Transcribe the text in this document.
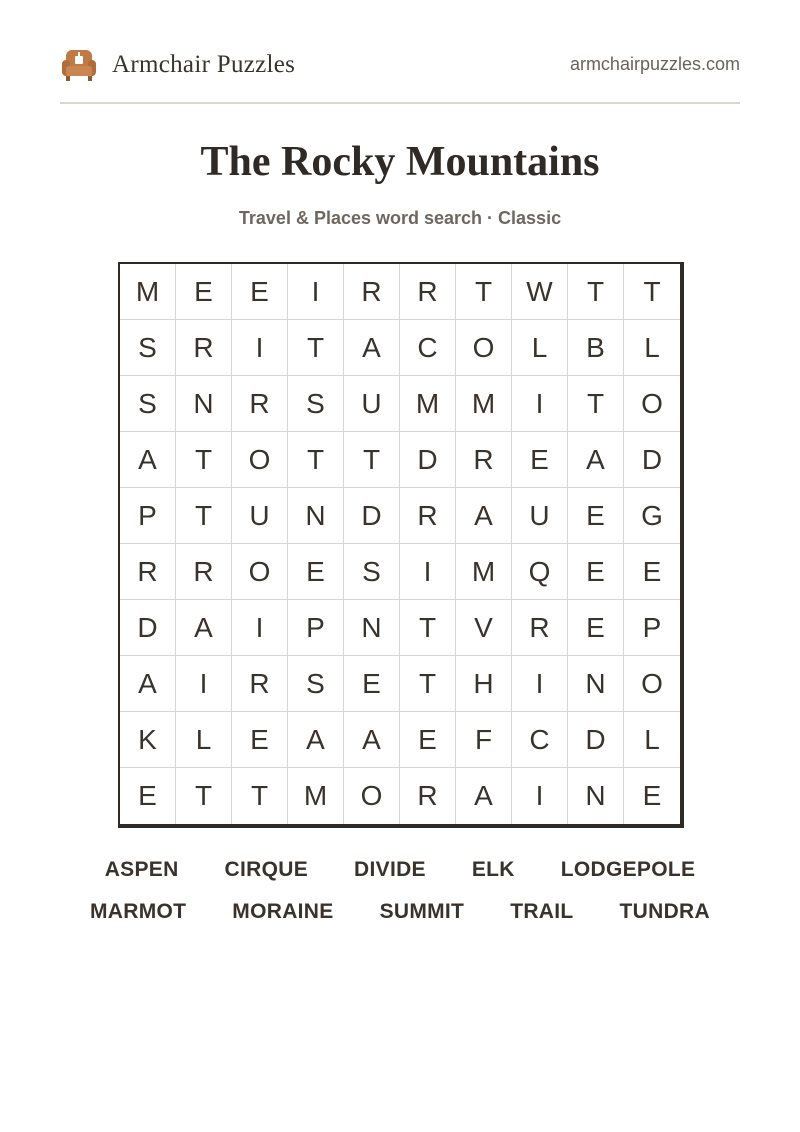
Armchair Puzzles	armchairpuzzles.com
The Rocky Mountains
Travel & Places word search · Classic
M	E	E	I	R	R	T	W	T	T
S	R	I	T	A	C	O	L	B	L
S	N	R	S	U	M	M	I	T	O
A	T	O	T	T	D	R	E	A	D
P	T	U	N	D	R	A	U	E	G
R	R	O	E	S	I	M	Q	E	E
D	A	I	P	N	T	V	R	E	P
A	I	R	S	E	T	H	I	N	O
K	L	E	A	A	E	F	C	D	L
E	T	T	M	O	R	A	I	N	E
ASPEN CIRQUE DIVIDE ELK LODGEPOLE
MARMOT MORAINE SUMMIT TRAIL TUNDRA
